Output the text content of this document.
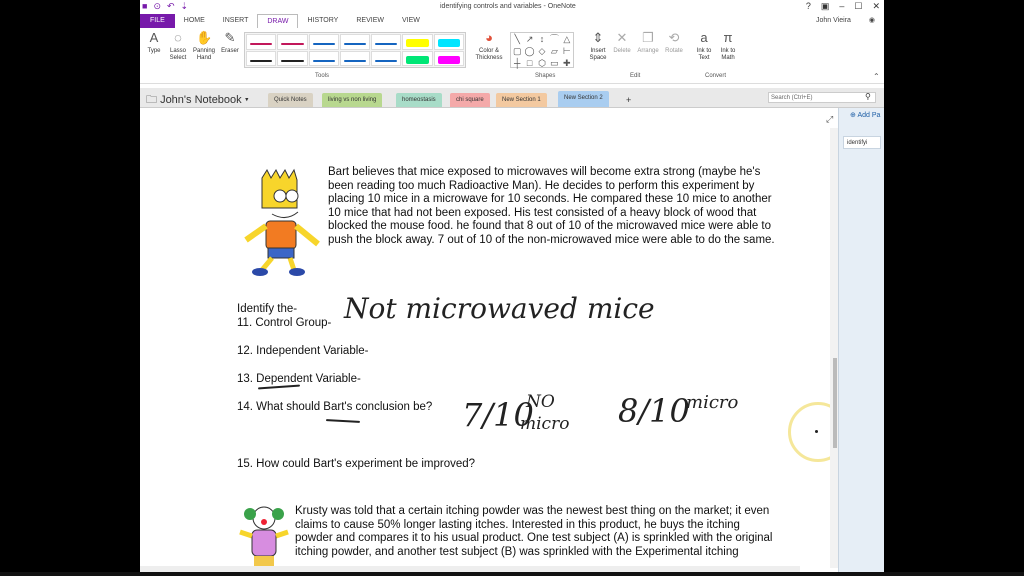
■ ⊙ ↶ ⇣	identifying controls and variables - OneNote	? ▣ – ☐ ✕
FILE	HOME	INSERT	DRAW	HISTORY	REVIEW	VIEW	John Vieira	◉
A
Type
◌
Lasso Select
✋
Panning Hand
✎
Eraser
◕
Color & Thickness
╲ ↗ ↕ ⌒ △
▢ ◯ ◇ ▱ ⊢
┼ □ ⬡ ▭ ✚
⇕
Insert Space
✕
Delete
❐
Arrange
⟲
Rotate
a
Ink to Text
π
Ink to Math
Tools	Shapes	Edit	Convert	⌃
🗀 John's Notebook ▾	Quick Notes	living vs non living	homeostasis	chi square	New Section 1	New Section 2	+	Search (Ctrl+E)	⚲
Bart believes that mice exposed to microwaves will become extra strong (maybe he's been reading too much Radioactive Man). He decides to perform this experiment by placing 10 mice in a microwave for 10 seconds. He compared these 10 mice to another 10 mice that had not been exposed. His test consisted of a heavy block of wood that blocked the mouse food. he found that 8 out of 10 of the microwaved mice were able to push the block away. 7 out of 10 of the non-microwaved mice were able to do the same.
Identify the-
11. Control Group-
12. Independent Variable-
13. Dependent Variable-
14. What should Bart's conclusion be?
15. How could Bart's experiment be improved?
Not microwaved mice
7/10
NO
micro 8/10
micro
Krusty was told that a certain itching powder was the newest best thing on the market; it even claims to cause 50% longer lasting itches. Interested in this product, he buys the itching powder and compares it to his usual product. One test subject (A) is sprinkled with the original itching powder, and another test subject (B) was sprinkled with the Experimental itching
⤢ ⊕ Add Pa
identifyi
